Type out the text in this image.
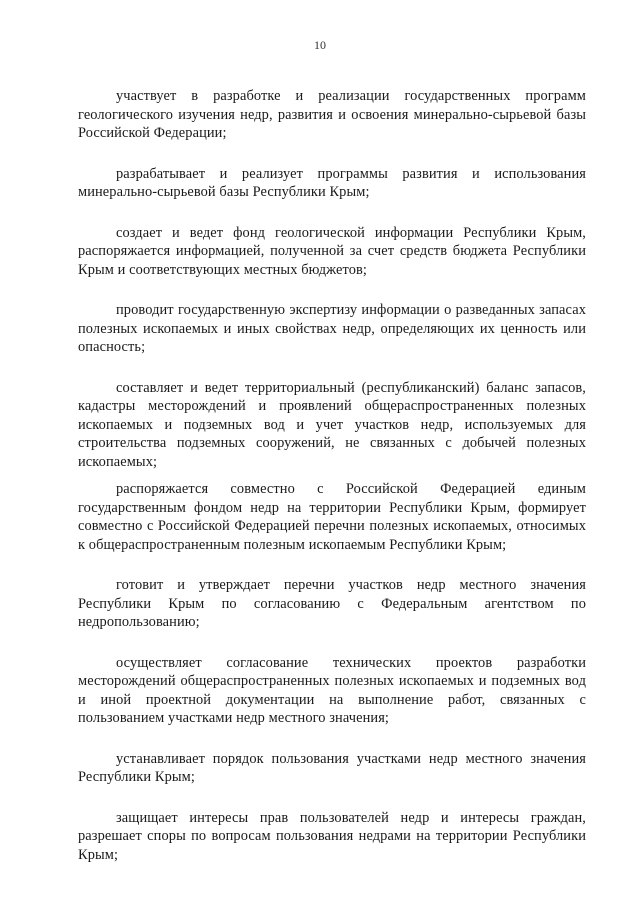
10

участвует в разработке и реализации государственных программ геологического изучения недр, развития и освоения минерально-сырьевой базы Российской Федерации;

разрабатывает и реализует программы развития и использования минерально-сырьевой базы Республики Крым;

создает и ведет фонд геологической информации Республики Крым, распоряжается информацией, полученной за счет средств бюджета Республики Крым и соответствующих местных бюджетов;

проводит государственную экспертизу информации о разведанных запасах полезных ископаемых и иных свойствах недр, определяющих их ценность или опасность;

составляет и ведет территориальный (республиканский) баланс запасов, кадастры месторождений и проявлений общераспространенных полезных ископаемых и подземных вод и учет участков недр, используемых для строительства подземных сооружений, не связанных с добычей полезных ископаемых;

распоряжается совместно с Российской Федерацией единым государственным фондом недр на территории Республики Крым, формирует совместно с Российской Федерацией перечни полезных ископаемых, относимых к общераспространенным полезным ископаемым Республики Крым;

готовит и утверждает перечни участков недр местного значения Республики Крым по согласованию с Федеральным агентством по недропользованию;

осуществляет согласование технических проектов разработки месторождений общераспространенных полезных ископаемых и подземных вод и иной проектной документации на выполнение работ, связанных с пользованием участками недр местного значения;

устанавливает порядок пользования участками недр местного значения Республики Крым;

защищает интересы прав пользователей недр и интересы граждан, разрешает споры по вопросам пользования недрами на территории Республики Крым;
